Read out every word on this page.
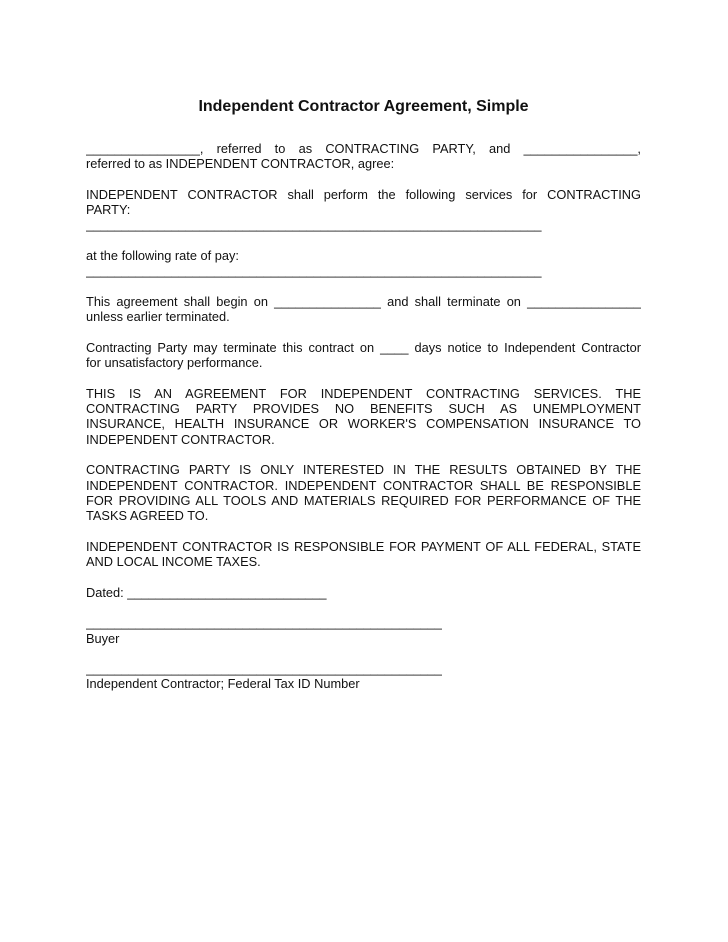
Independent Contractor Agreement, Simple
________________, referred to as CONTRACTING PARTY, and ________________,
referred to as INDEPENDENT CONTRACTOR, agree:
INDEPENDENT CONTRACTOR shall perform the following services for CONTRACTING
PARTY:
________________________________________________________________
at the following rate of pay:
________________________________________________________________
This agreement shall begin on _______________ and shall terminate on ________________
unless earlier terminated.
Contracting Party may terminate this contract on ____ days notice to Independent Contractor
for unsatisfactory performance.
THIS IS AN AGREEMENT FOR INDEPENDENT CONTRACTING SERVICES. THE
CONTRACTING PARTY PROVIDES NO BENEFITS SUCH AS UNEMPLOYMENT
INSURANCE, HEALTH INSURANCE OR WORKER'S COMPENSATION INSURANCE TO
INDEPENDENT CONTRACTOR.
CONTRACTING PARTY IS ONLY INTERESTED IN THE RESULTS OBTAINED BY THE
INDEPENDENT CONTRACTOR. INDEPENDENT CONTRACTOR SHALL BE RESPONSIBLE
FOR PROVIDING ALL TOOLS AND MATERIALS REQUIRED FOR PERFORMANCE OF THE
TASKS AGREED TO.
INDEPENDENT CONTRACTOR IS RESPONSIBLE FOR PAYMENT OF ALL FEDERAL, STATE
AND LOCAL INCOME TAXES.
Dated: ____________________________
__________________________________________________
Buyer
__________________________________________________
Independent Contractor; Federal Tax ID Number
